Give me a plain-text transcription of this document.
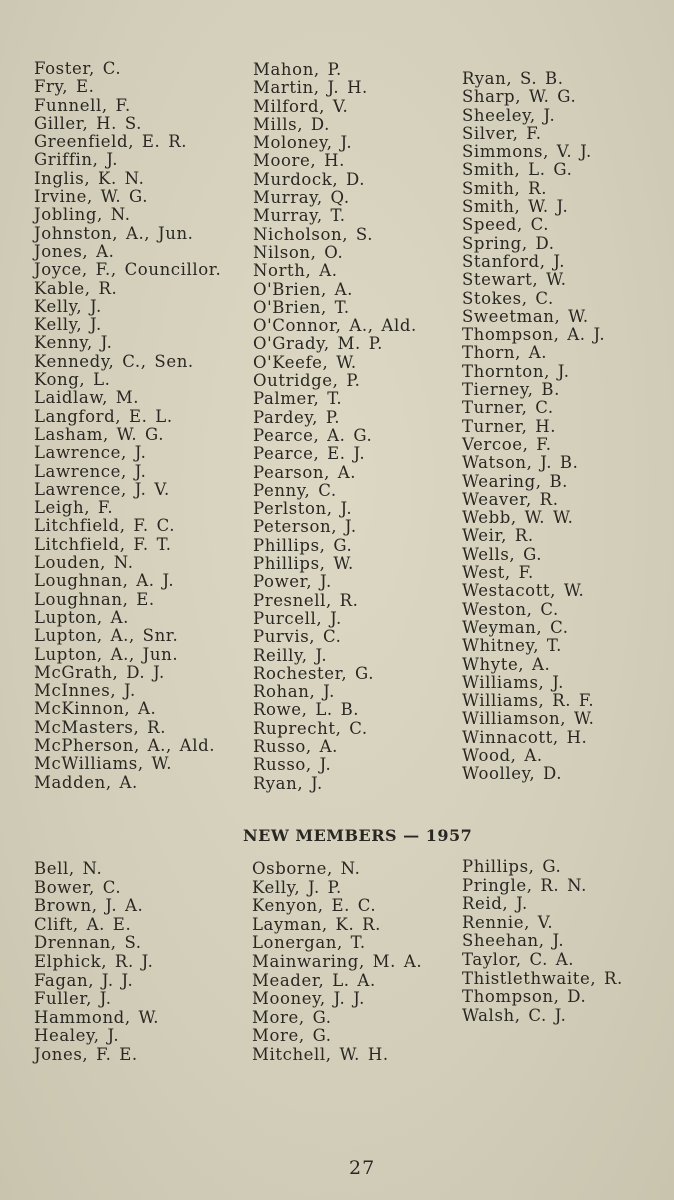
Foster, C.
Fry, E.
Funnell, F.
Giller, H. S.
Greenfield, E. R.
Griffin, J.
Inglis, K. N.
Irvine, W. G.
Jobling, N.
Johnston, A., Jun.
Jones, A.
Joyce, F., Councillor.
Kable, R.
Kelly, J.
Kelly, J.
Kenny, J.
Kennedy, C., Sen.
Kong, L.
Laidlaw, M.
Langford, E. L.
Lasham, W. G.
Lawrence, J.
Lawrence, J.
Lawrence, J. V.
Leigh, F.
Litchfield, F. C.
Litchfield, F. T.
Louden, N.
Loughnan, A. J.
Loughnan, E.
Lupton, A.
Lupton, A., Snr.
Lupton, A., Jun.
McGrath, D. J.
McInnes, J.
McKinnon, A.
McMasters, R.
McPherson, A., Ald.
McWilliams, W.
Madden, A.
Mahon, P.
Martin, J. H.
Milford, V.
Mills, D.
Moloney, J.
Moore, H.
Murdock, D.
Murray, Q.
Murray, T.
Nicholson, S.
Nilson, O.
North, A.
O'Brien, A.
O'Brien, T.
O'Connor, A., Ald.
O'Grady, M. P.
O'Keefe, W.
Outridge, P.
Palmer, T.
Pardey, P.
Pearce, A. G.
Pearce, E. J.
Pearson, A.
Penny, C.
Perlston, J.
Peterson, J.
Phillips, G.
Phillips, W.
Power, J.
Presnell, R.
Purcell, J.
Purvis, C.
Reilly, J.
Rochester, G.
Rohan, J.
Rowe, L. B.
Ruprecht, C.
Russo, A.
Russo, J.
Ryan, J.
Ryan, S. B.
Sharp, W. G.
Sheeley, J.
Silver, F.
Simmons, V. J.
Smith, L. G.
Smith, R.
Smith, W. J.
Speed, C.
Spring, D.
Stanford, J.
Stewart, W.
Stokes, C.
Sweetman, W.
Thompson, A. J.
Thorn, A.
Thornton, J.
Tierney, B.
Turner, C.
Turner, H.
Vercoe, F.
Watson, J. B.
Wearing, B.
Weaver, R.
Webb, W. W.
Weir, R.
Wells, G.
West, F.
Westacott, W.
Weston, C.
Weyman, C.
Whitney, T.
Whyte, A.
Williams, J.
Williams, R. F.
Williamson, W.
Winnacott, H.
Wood, A.
Woolley, D.
NEW MEMBERS — 1957
Bell, N.
Bower, C.
Brown, J. A.
Clift, A. E.
Drennan, S.
Elphick, R. J.
Fagan, J. J.
Fuller, J.
Hammond, W.
Healey, J.
Jones, F. E.
Osborne, N.
Kelly, J. P.
Kenyon, E. C.
Layman, K. R.
Lonergan, T.
Mainwaring, M. A.
Meader, L. A.
Mooney, J. J.
More, G.
More, G.
Mitchell, W. H.
Phillips, G.
Pringle, R. N.
Reid, J.
Rennie, V.
Sheehan, J.
Taylor, C. A.
Thistlethwaite, R.
Thompson, D.
Walsh, C. J.
27
